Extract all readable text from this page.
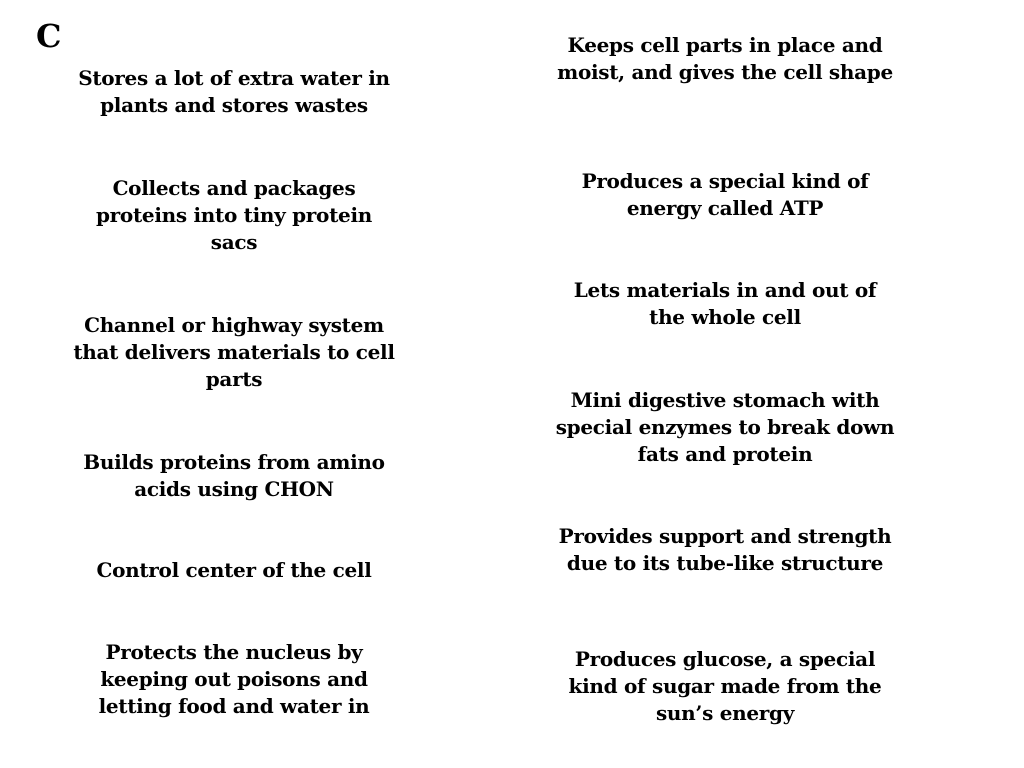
C

Stores a lot of extra water in plants and stores wastes

Collects and packages proteins into tiny protein sacs

Channel or highway system that delivers materials to cell parts

Builds proteins from amino acids using CHON

Control center of the cell

Protects the nucleus by keeping out poisons and letting food and water in

Keeps cell parts in place and moist, and gives the cell shape

Produces a special kind of energy called ATP

Lets materials in and out of the whole cell

Mini digestive stomach with special enzymes to break down fats and protein

Provides support and strength due to its tube-like structure

Produces glucose, a special kind of sugar made from the sun’s energy
